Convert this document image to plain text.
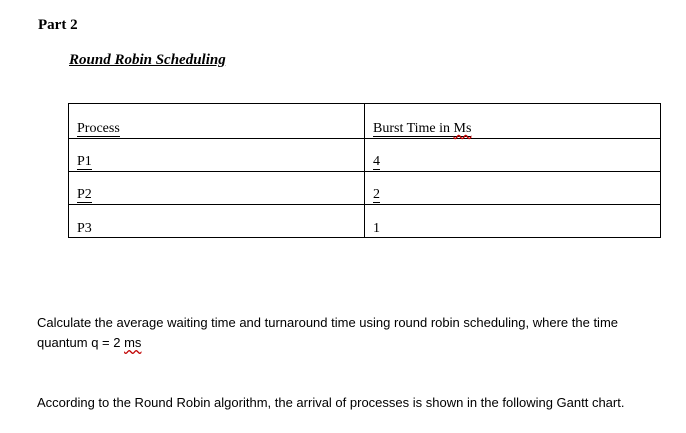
Part 2
Round Robin Scheduling
Process	Burst Time in Ms
P1	4
P2	2
P3	1
Calculate the average waiting time and turnaround time using round robin scheduling, where the time quantum q = 2 ms
According to the Round Robin algorithm, the arrival of processes is shown in the following Gantt chart.
